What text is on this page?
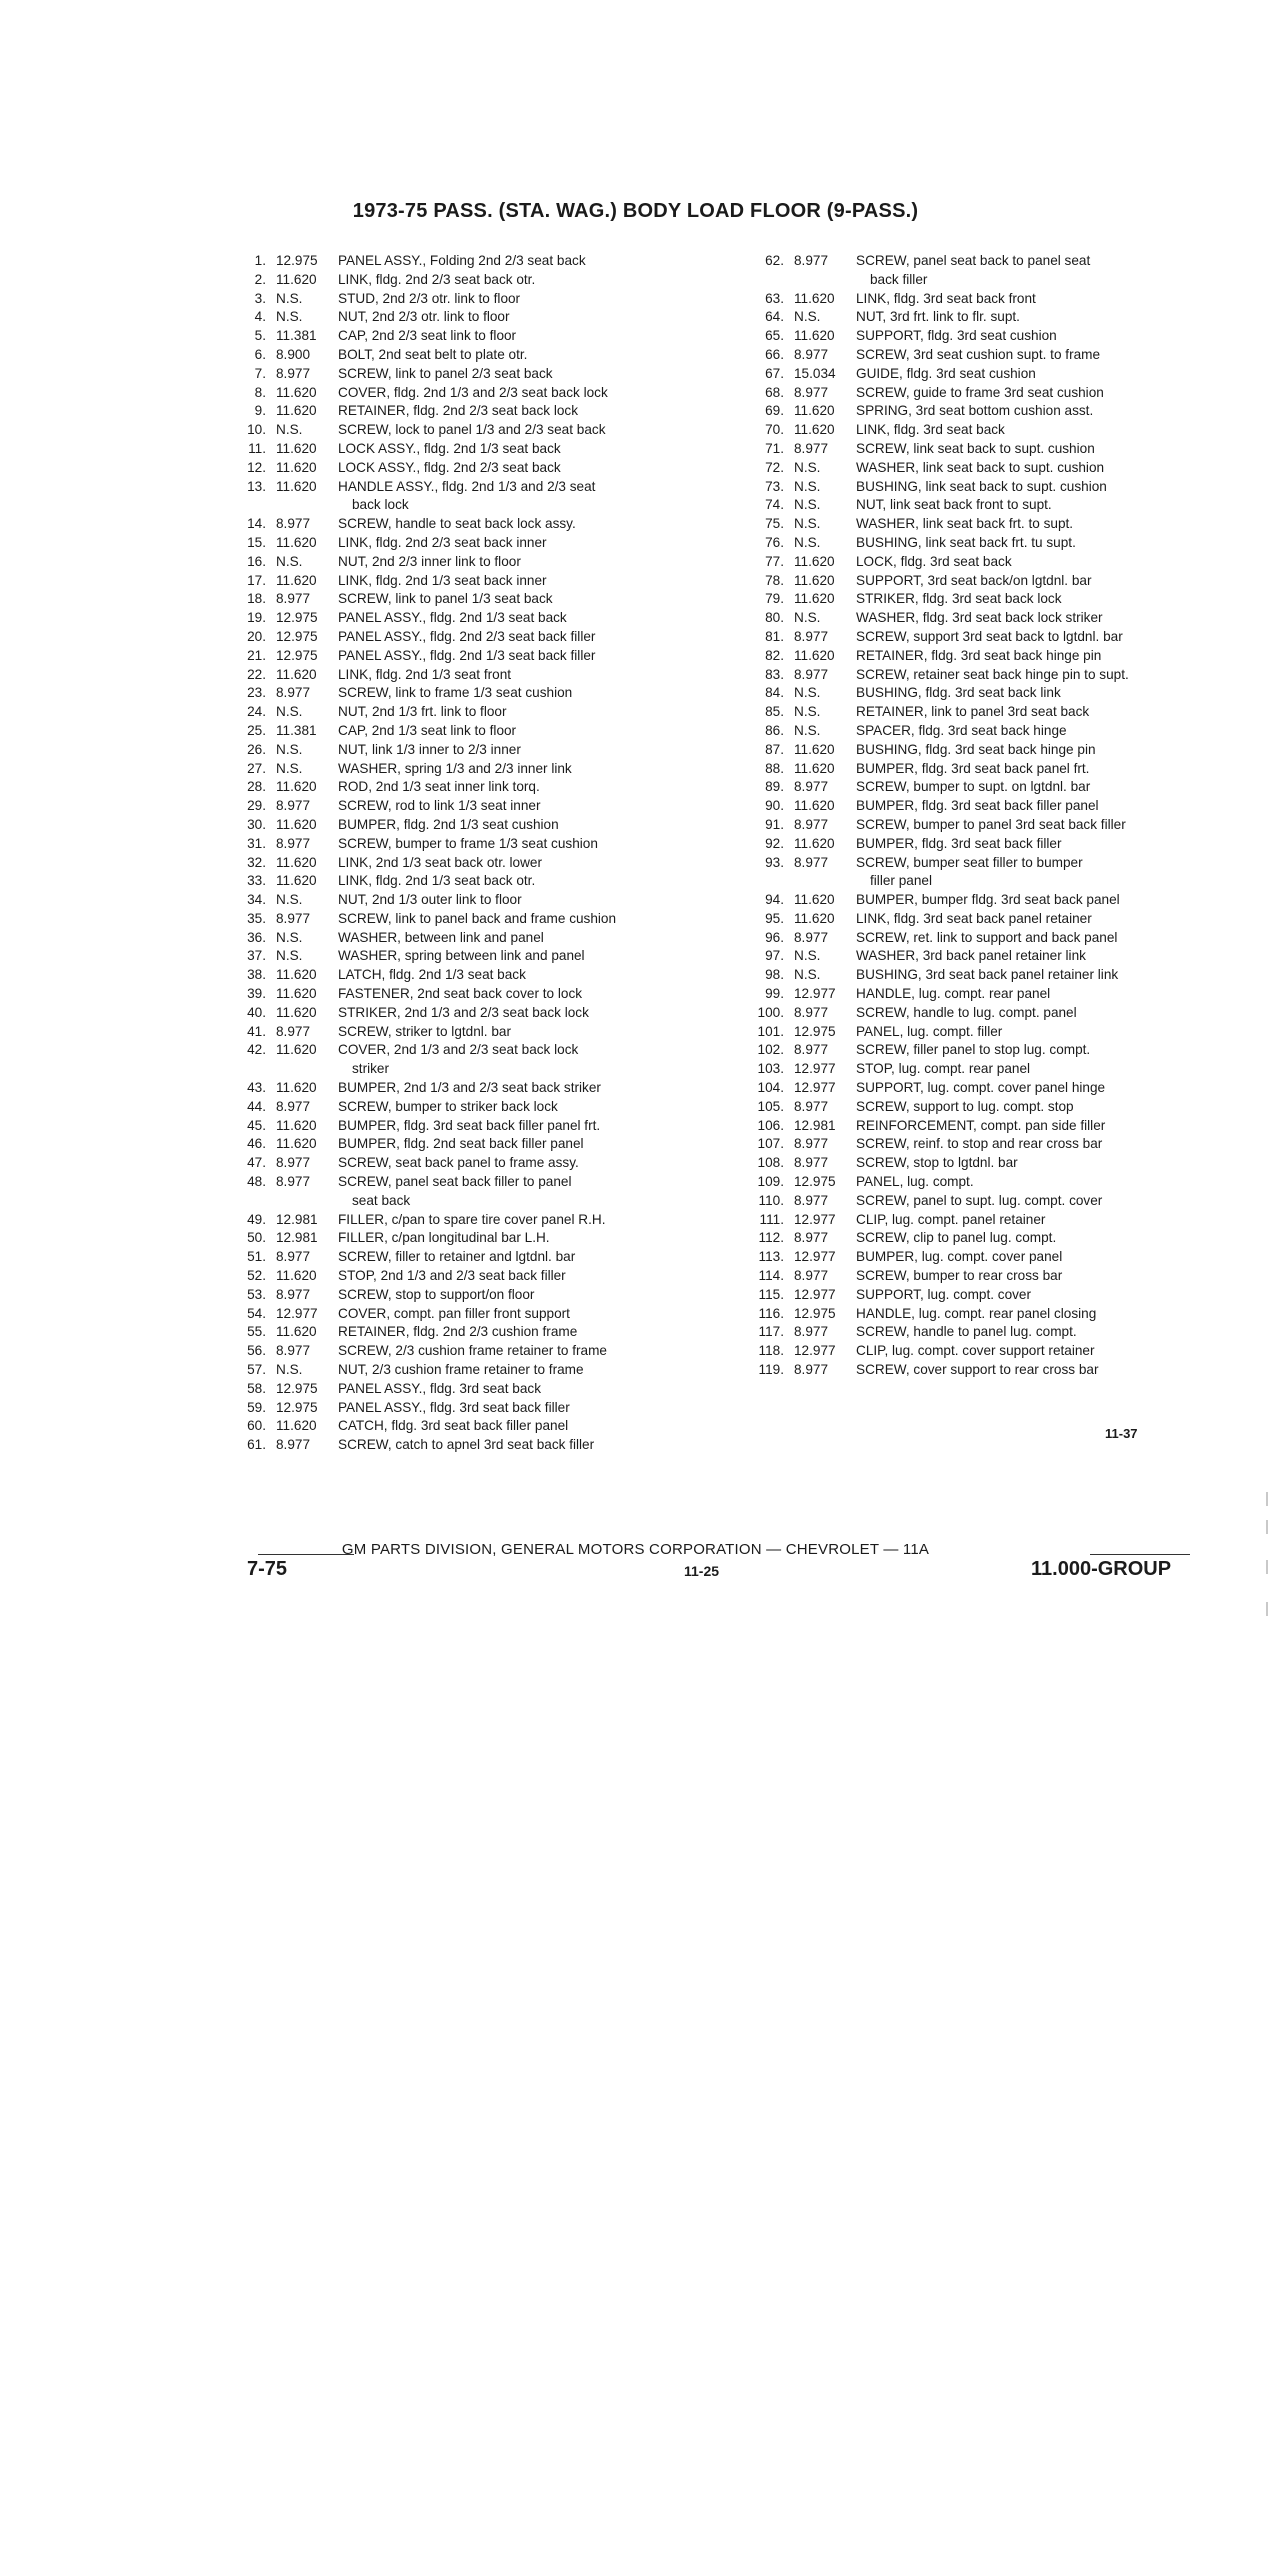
1973-75 PASS. (STA. WAG.) BODY LOAD FLOOR (9-PASS.)
1. 12.975	PANEL ASSY., Folding 2nd 2/3 seat back
2. 11.620	LINK, fldg. 2nd 2/3 seat back otr.
3. N.S.	STUD, 2nd 2/3 otr. link to floor
4. N.S.	NUT, 2nd 2/3 otr. link to floor
5. 11.381	CAP, 2nd 2/3 seat link to floor
6. 8.900	BOLT, 2nd seat belt to plate otr.
7. 8.977	SCREW, link to panel 2/3 seat back
8. 11.620	COVER, fldg. 2nd 1/3 and 2/3 seat back lock
9. 11.620	RETAINER, fldg. 2nd 2/3 seat back lock
10. N.S.	SCREW, lock to panel 1/3 and 2/3 seat back
11. 11.620	LOCK ASSY., fldg. 2nd 1/3 seat back
12. 11.620	LOCK ASSY., fldg. 2nd 2/3 seat back
13. 11.620	HANDLE ASSY., fldg. 2nd 1/3 and 2/3 seat
back lock
14. 8.977	SCREW, handle to seat back lock assy.
15. 11.620	LINK, fldg. 2nd 2/3 seat back inner
16. N.S.	NUT, 2nd 2/3 inner link to floor
17. 11.620	LINK, fldg. 2nd 1/3 seat back inner
18. 8.977	SCREW, link to panel 1/3 seat back
19. 12.975	PANEL ASSY., fldg. 2nd 1/3 seat back
20. 12.975	PANEL ASSY., fldg. 2nd 2/3 seat back filler
21. 12.975	PANEL ASSY., fldg. 2nd 1/3 seat back filler
22. 11.620	LINK, fldg. 2nd 1/3 seat front
23. 8.977	SCREW, link to frame 1/3 seat cushion
24. N.S.	NUT, 2nd 1/3 frt. link to floor
25. 11.381	CAP, 2nd 1/3 seat link to floor
26. N.S.	NUT, link 1/3 inner to 2/3 inner
27. N.S.	WASHER, spring 1/3 and 2/3 inner link
28. 11.620	ROD, 2nd 1/3 seat inner link torq.
29. 8.977	SCREW, rod to link 1/3 seat inner
30. 11.620	BUMPER, fldg. 2nd 1/3 seat cushion
31. 8.977	SCREW, bumper to frame 1/3 seat cushion
32. 11.620	LINK, 2nd 1/3 seat back otr. lower
33. 11.620	LINK, fldg. 2nd 1/3 seat back otr.
34. N.S.	NUT, 2nd 1/3 outer link to floor
35. 8.977	SCREW, link to panel back and frame cushion
36. N.S.	WASHER, between link and panel
37. N.S.	WASHER, spring between link and panel
38. 11.620	LATCH, fldg. 2nd 1/3 seat back
39. 11.620	FASTENER, 2nd seat back cover to lock
40. 11.620	STRIKER, 2nd 1/3 and 2/3 seat back lock
41. 8.977	SCREW, striker to lgtdnl. bar
42. 11.620	COVER, 2nd 1/3 and 2/3 seat back lock
striker
43. 11.620	BUMPER, 2nd 1/3 and 2/3 seat back striker
44. 8.977	SCREW, bumper to striker back lock
45. 11.620	BUMPER, fldg. 3rd seat back filler panel frt.
46. 11.620	BUMPER, fldg. 2nd seat back filler panel
47. 8.977	SCREW, seat back panel to frame assy.
48. 8.977	SCREW, panel seat back filler to panel
seat back
49. 12.981	FILLER, c/pan to spare tire cover panel R.H.
50. 12.981	FILLER, c/pan longitudinal bar L.H.
51. 8.977	SCREW, filler to retainer and lgtdnl. bar
52. 11.620	STOP, 2nd 1/3 and 2/3 seat back filler
53. 8.977	SCREW, stop to support/on floor
54. 12.977	COVER, compt. pan filler front support
55. 11.620	RETAINER, fldg. 2nd 2/3 cushion frame
56. 8.977	SCREW, 2/3 cushion frame retainer to frame
57. N.S.	NUT, 2/3 cushion frame retainer to frame
58. 12.975	PANEL ASSY., fldg. 3rd seat back
59. 12.975	PANEL ASSY., fldg. 3rd seat back filler
60. 11.620	CATCH, fldg. 3rd seat back filler panel
61. 8.977	SCREW, catch to apnel 3rd seat back filler
62. 8.977	SCREW, panel seat back to panel seat
back filler
63. 11.620	LINK, fldg. 3rd seat back front
64. N.S.	NUT, 3rd frt. link to flr. supt.
65. 11.620	SUPPORT, fldg. 3rd seat cushion
66. 8.977	SCREW, 3rd seat cushion supt. to frame
67. 15.034	GUIDE, fldg. 3rd seat cushion
68. 8.977	SCREW, guide to frame 3rd seat cushion
69. 11.620	SPRING, 3rd seat bottom cushion asst.
70. 11.620	LINK, fldg. 3rd seat back
71. 8.977	SCREW, link seat back to supt. cushion
72. N.S.	WASHER, link seat back to supt. cushion
73. N.S.	BUSHING, link seat back to supt. cushion
74. N.S.	NUT, link seat back front to supt.
75. N.S.	WASHER, link seat back frt. to supt.
76. N.S.	BUSHING, link seat back frt. tu supt.
77. 11.620	LOCK, fldg. 3rd seat back
78. 11.620	SUPPORT, 3rd seat back/on lgtdnl. bar
79. 11.620	STRIKER, fldg. 3rd seat back lock
80. N.S.	WASHER, fldg. 3rd seat back lock striker
81. 8.977	SCREW, support 3rd seat back to lgtdnl. bar
82. 11.620	RETAINER, fldg. 3rd seat back hinge pin
83. 8.977	SCREW, retainer seat back hinge pin to supt.
84. N.S.	BUSHING, fldg. 3rd seat back link
85. N.S.	RETAINER, link to panel 3rd seat back
86. N.S.	SPACER, fldg. 3rd seat back hinge
87. 11.620	BUSHING, fldg. 3rd seat back hinge pin
88. 11.620	BUMPER, fldg. 3rd seat back panel frt.
89. 8.977	SCREW, bumper to supt. on lgtdnl. bar
90. 11.620	BUMPER, fldg. 3rd seat back filler panel
91. 8.977	SCREW, bumper to panel 3rd seat back filler
92. 11.620	BUMPER, fldg. 3rd seat back filler
93. 8.977	SCREW, bumper seat filler to bumper
filler panel
94. 11.620	BUMPER, bumper fldg. 3rd seat back panel
95. 11.620	LINK, fldg. 3rd seat back panel retainer
96. 8.977	SCREW, ret. link to support and back panel
97. N.S.	WASHER, 3rd back panel retainer link
98. N.S.	BUSHING, 3rd seat back panel retainer link
99. 12.977	HANDLE, lug. compt. rear panel
100. 8.977	SCREW, handle to lug. compt. panel
101. 12.975	PANEL, lug. compt. filler
102. 8.977	SCREW, filler panel to stop lug. compt.
103. 12.977	STOP, lug. compt. rear panel
104. 12.977	SUPPORT, lug. compt. cover panel hinge
105. 8.977	SCREW, support to lug. compt. stop
106. 12.981	REINFORCEMENT, compt. pan side filler
107. 8.977	SCREW, reinf. to stop and rear cross bar
108. 8.977	SCREW, stop to lgtdnl. bar
109. 12.975	PANEL, lug. compt.
110. 8.977	SCREW, panel to supt. lug. compt. cover
111. 12.977	CLIP, lug. compt. panel retainer
112. 8.977	SCREW, clip to panel lug. compt.
113. 12.977	BUMPER, lug. compt. cover panel
114. 8.977	SCREW, bumper to rear cross bar
115. 12.977	SUPPORT, lug. compt. cover
116. 12.975	HANDLE, lug. compt. rear panel closing
117. 8.977	SCREW, handle to panel lug. compt.
118. 12.977	CLIP, lug. compt. cover support retainer
119. 8.977	SCREW, cover support to rear cross bar
11-37
GM PARTS DIVISION, GENERAL MOTORS CORPORATION — CHEVROLET — 11A
11-25
7-75	11.000-GROUP
